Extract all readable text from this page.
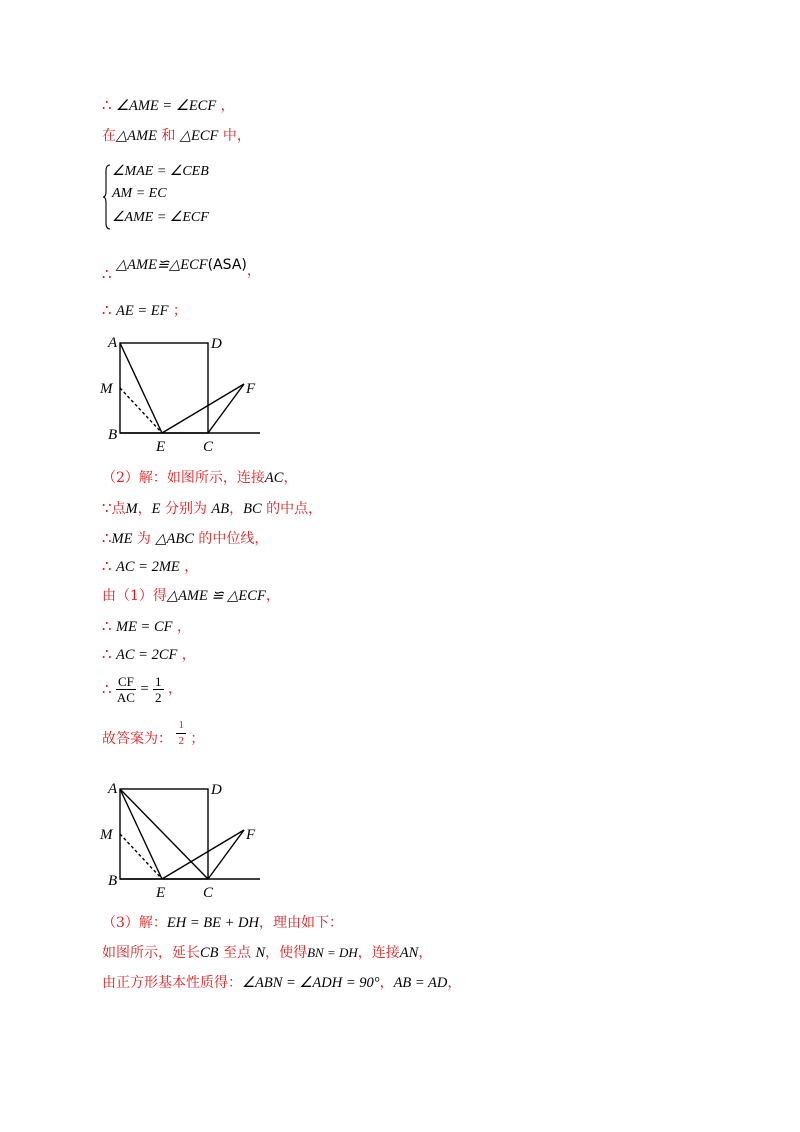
∴ ∠AME = ∠ECF ，
在△AME 和 △ECF 中，
∠MAE = ∠CEB
AM = EC
∠AME = ∠ECF
∴ △AME≌△ECF(ASA)，
∴ AE = EF ；
A	D
M	F
B
E	C
（2）解：如图所示，连接AC，
∵点M，E 分别为 AB，BC 的中点，
∴ME 为 △ABC 的中位线，
∴ AC = 2ME ，
由（1）得△AME ≌ △ECF，
∴ ME = CF ，
∴ AC = 2CF ，
∴ $\frac{CF}{AC} = \frac{1}{2}$ ，
故答案为： $\frac{1}{2}$ ；
A	D
M	F
B
E	C
（3）解：EH = BE + DH，理由如下：
如图所示，延长CB 至点 N，使得BN = DH，连接AN，
由正方形基本性质得：∠ABN = ∠ADH = 90°，AB = AD，
